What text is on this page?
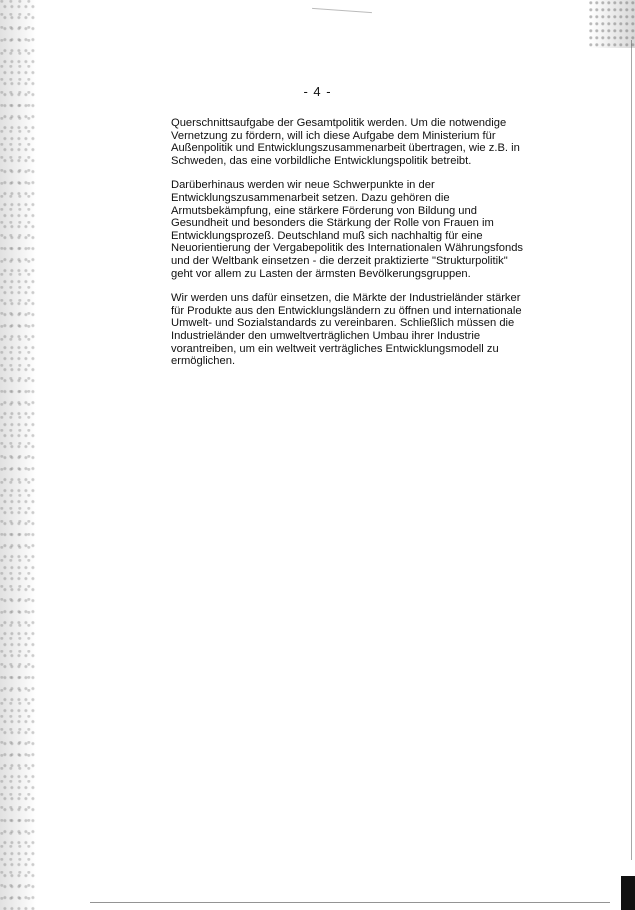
- 4 -

Querschnittsaufgabe der Gesamtpolitik werden. Um die notwendige
Vernetzung zu fördern, will ich diese Aufgabe dem Ministerium für
Außenpolitik und Entwicklungszusammenarbeit übertragen, wie z.B. in
Schweden, das eine vorbildliche Entwicklungspolitik betreibt.

Darüberhinaus werden wir neue Schwerpunkte in der
Entwicklungszusammenarbeit setzen. Dazu gehören die
Armutsbekämpfung, eine stärkere Förderung von Bildung und
Gesundheit und besonders die Stärkung der Rolle von Frauen im
Entwicklungsprozeß. Deutschland muß sich nachhaltig für eine
Neuorientierung der Vergabepolitik des Internationalen Währungsfonds
und der Weltbank einsetzen - die derzeit praktizierte "Strukturpolitik"
geht vor allem zu Lasten der ärmsten Bevölkerungsgruppen.

Wir werden uns dafür einsetzen, die Märkte der Industrieländer stärker
für Produkte aus den Entwicklungsländern zu öffnen und internationale
Umwelt- und Sozialstandards zu vereinbaren. Schließlich müssen die
Industrieländer den umweltverträglichen Umbau ihrer Industrie
vorantreiben, um ein weltweit verträgliches Entwicklungsmodell zu
ermöglichen.
